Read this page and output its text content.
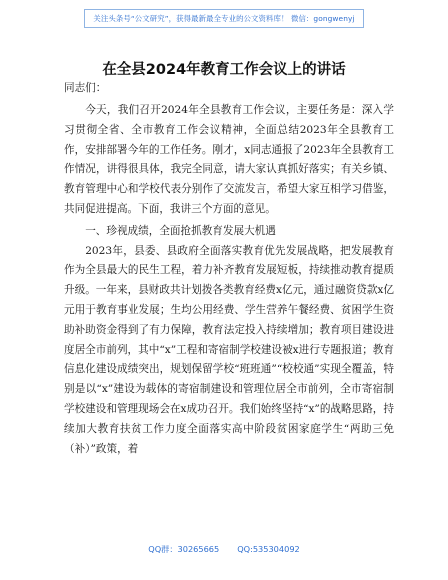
关注头条号“公文研究”，获得最新最全专业的公文资料库！ 微信：gongwenyj
在全县2024年教育工作会议上的讲话
同志们：

今天，我们召开2024年全县教育工作会议，主要任务是：深入学习贯彻全省、全市教育工作会议精神，全面总结2023年全县教育工作，安排部署今年的工作任务。刚才，x同志通报了2023年全县教育工作情况，讲得很具体，我完全同意，请大家认真抓好落实；有关乡镇、教育管理中心和学校代表分别作了交流发言，希望大家互相学习借鉴，共同促进提高。下面，我讲三个方面的意见。

一、珍视成绩，全面抢抓教育发展大机遇

2023年，县委、县政府全面落实教育优先发展战略，把发展教育作为全县最大的民生工程，着力补齐教育发展短板，持续推动教育提质升级。一年来，县财政共计划拨各类教育经费x亿元，通过融资贷款x亿元用于教育事业发展；生均公用经费、学生营养午餐经费、贫困学生资助补助资金得到了有力保障，教育法定投入持续增加；教育项目建设进度居全市前列，其中“x”工程和寄宿制学校建设被x进行专题报道；教育信息化建设成绩突出，规划保留学校“班班通”“校校通”实现全覆盖，特别是以“x”建设为载体的寄宿制建设和管理位居全市前列，全市寄宿制学校建设和管理现场会在x成功召开。我们始终坚持“x”的战略思路，持续加大教育扶贫工作力度全面落实高中阶段贫困家庭学生“两助三免（补）”政策，着

QQ群：30265665 QQ:535304092
